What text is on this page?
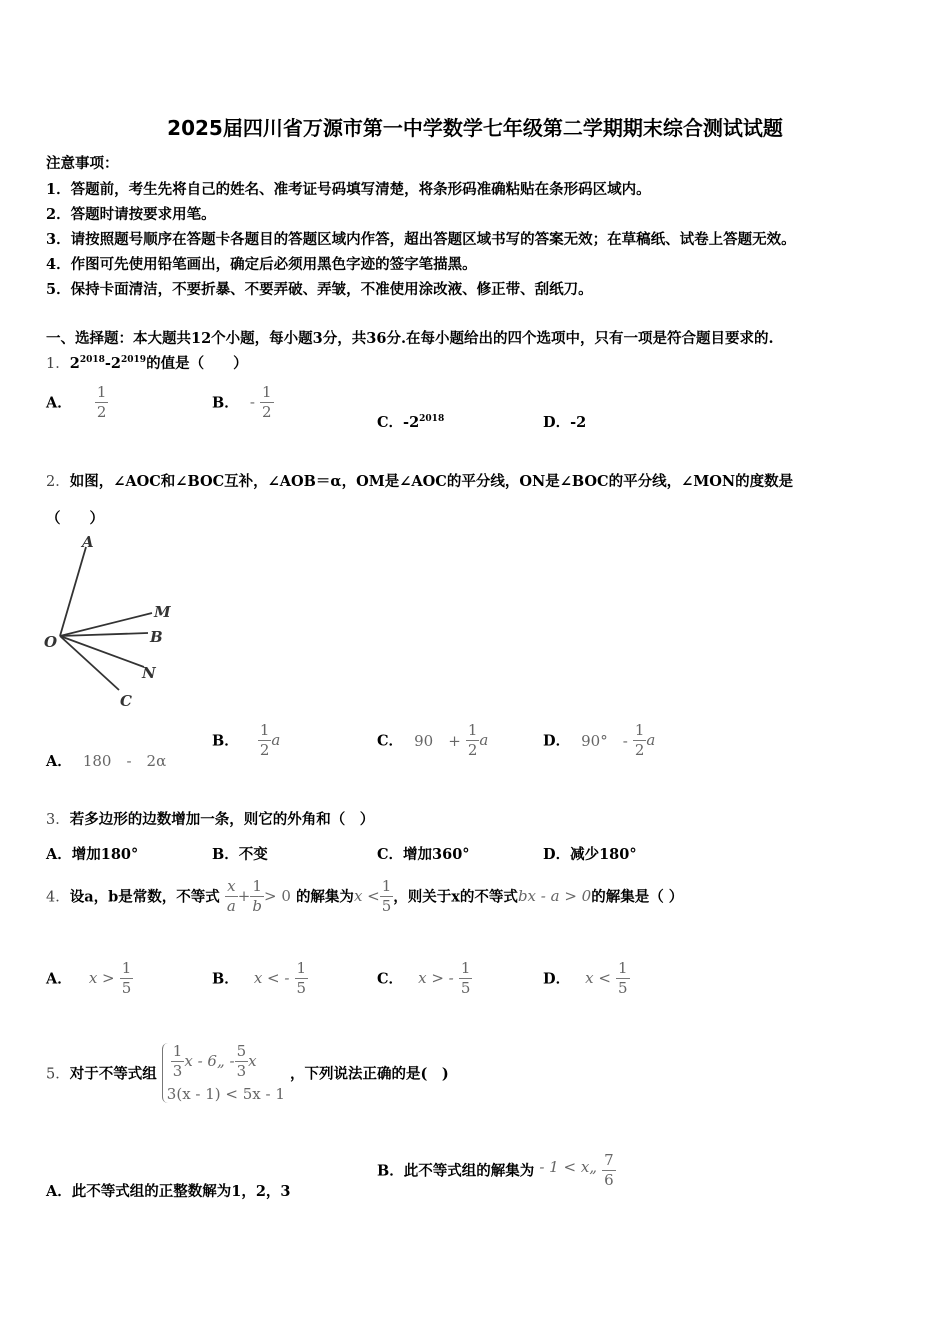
2025届四川省万源市第一中学数学七年级第二学期期末综合测试试题
注意事项：
1．答题前，考生先将自己的姓名、准考证号码填写清楚，将条形码准确粘贴在条形码区域内。
2．答题时请按要求用笔。
3．请按照题号顺序在答题卡各题目的答题区域内作答，超出答题区域书写的答案无效；在草稿纸、试卷上答题无效。
4．作图可先使用铅笔画出，确定后必须用黑色字迹的签字笔描黑。
5．保持卡面清洁，不要折暴、不要弄破、弄皱，不准使用涂改液、修正带、刮纸刀。
一、选择题：本大题共12个小题，每小题3分，共36分.在每小题给出的四个选项中，只有一项是符合题目要求的.
1．$2^{2018}-2^{2019}$的值是（　　）
A． $\frac{1}{2}$	B． - $\frac{1}{2}$
C．$-2^{2018}$	D．-2
2．如图，∠AOC和∠BOC互补，∠AOB＝α，OM是∠AOC的平分线，ON是∠BOC的平分线，∠MON的度数是
（　　）
A
M
B
O
N
C
A． 180　-　2α
B． $\frac{1}{2}$ a	C． 90　+ $\frac{1}{2}$ a	D． 90°　- $\frac{1}{2}$ a
3．若多边形的边数增加一条，则它的外角和（　）
A．增加180°	B．不变	C．增加360°	D．减少180°
4．设a，b是常数，不等式 $\frac{x}{a} + \frac{1}{b} > 0$ 的解集为$x < \frac{1}{5}$ ，则关于x的不等式bx - a > 0的解集是（ ）
A． $x > \frac{1}{5}$	B． x < - $\frac{1}{5}$	C． x > - $\frac{1}{5}$	D． $x < \frac{1}{5}$
5．对于不等式组 $\frac{1}{3}$ x - 6„ - $\frac{5}{3}$ x
3(x - 1) < 5x - 1
，下列说法正确的是(　)
A．此不等式组的正整数解为1，2，3
B．此不等式组的解集为 - 1 < x„ $\frac{7}{6}$
